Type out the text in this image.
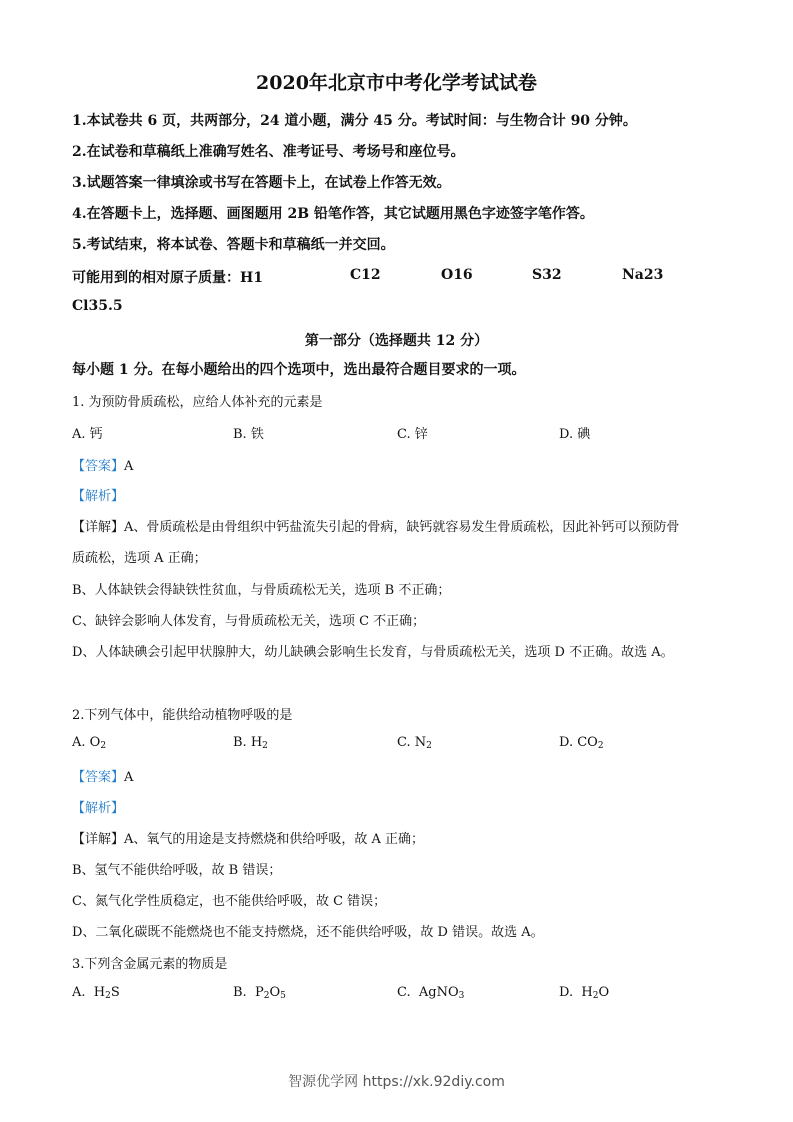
2020年北京市中考化学考试试卷
1.本试卷共 6 页，共两部分，24 道小题，满分 45 分。考试时间：与生物合计 90 分钟。
2.在试卷和草稿纸上准确写姓名、准考证号、考场号和座位号。
3.试题答案一律填涂或书写在答题卡上，在试卷上作答无效。
4.在答题卡上，选择题、画图题用 2B 铅笔作答，其它试题用黑色字迹签字笔作答。
5.考试结束，将本试卷、答题卡和草稿纸一并交回。
可能用到的相对原子质量：H1	C12	O16	S32	Na23
Cl35.5
第一部分（选择题共 12 分）
每小题 1 分。在每小题给出的四个选项中，选出最符合题目要求的一项。
1. 为预防骨质疏松，应给人体补充的元素是
A. 钙	B. 铁	C. 锌	D. 碘
【答案】A
【解析】
【详解】A、骨质疏松是由骨组织中钙盐流失引起的骨病，缺钙就容易发生骨质疏松，因此补钙可以预防骨
质疏松，选项 A 正确；
B、人体缺铁会得缺铁性贫血，与骨质疏松无关，选项 B 不正确；
C、缺锌会影响人体发育，与骨质疏松无关，选项 C 不正确；
D、人体缺碘会引起甲状腺肿大，幼儿缺碘会影响生长发育，与骨质疏松无关，选项 D 不正确。故选 A。
2.下列气体中，能供给动植物呼吸的是
A. $O_2$	B. $H_2$	C. $N_2$	D. $CO_2$
【答案】A
【解析】
【详解】A、氧气的用途是支持燃烧和供给呼吸，故 A 正确；
B、氢气不能供给呼吸，故 B 错误；
C、氮气化学性质稳定，也不能供给呼吸，故 C 错误；
D、二氧化碳既不能燃烧也不能支持燃烧，还不能供给呼吸，故 D 错误。故选 A。
3.下列含金属元素的物质是
A. $H_2S$	B. $P_2O_5$	C. AgNO$_3$	D. $H_2O$
智源优学网 https://xk.92diy.com
